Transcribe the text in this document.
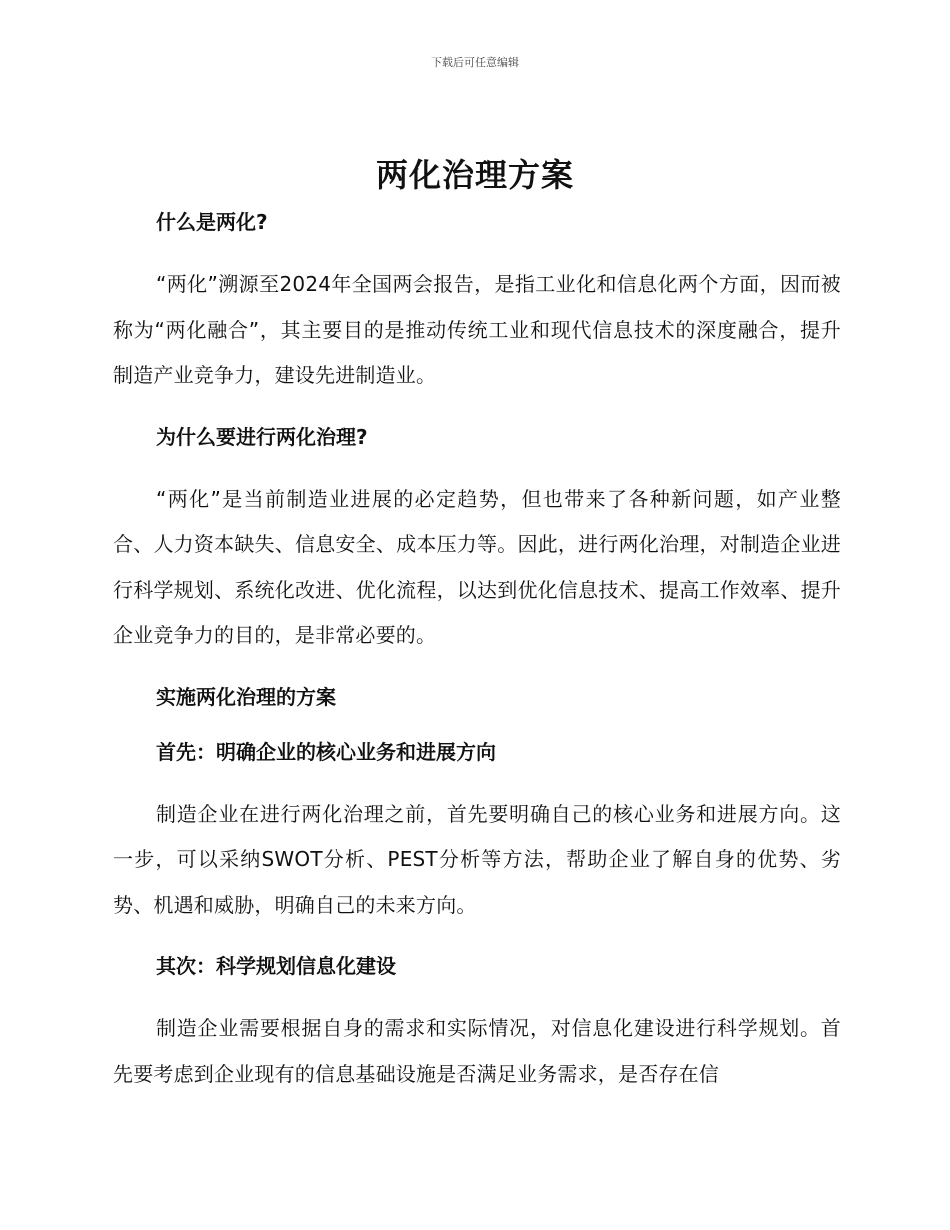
下载后可任意编辑
两化治理方案
什么是两化?

“两化”溯源至2024年全国两会报告，是指工业化和信息化两个方面，因而被称为“两化融合”，其主要目的是推动传统工业和现代信息技术的深度融合，提升制造产业竞争力，建设先进制造业。

为什么要进行两化治理?

“两化”是当前制造业进展的必定趋势，但也带来了各种新问题，如产业整合、人力资本缺失、信息安全、成本压力等。因此，进行两化治理，对制造企业进行科学规划、系统化改进、优化流程，以达到优化信息技术、提高工作效率、提升企业竞争力的目的，是非常必要的。

实施两化治理的方案
首先：明确企业的核心业务和进展方向

制造企业在进行两化治理之前，首先要明确自己的核心业务和进展方向。这一步，可以采纳SWOT分析、PEST分析等方法，帮助企业了解自身的优势、劣势、机遇和威胁，明确自己的未来方向。

其次：科学规划信息化建设

制造企业需要根据自身的需求和实际情况，对信息化建设进行科学规划。首先要考虑到企业现有的信息基础设施是否满足业务需求，是否存在信
